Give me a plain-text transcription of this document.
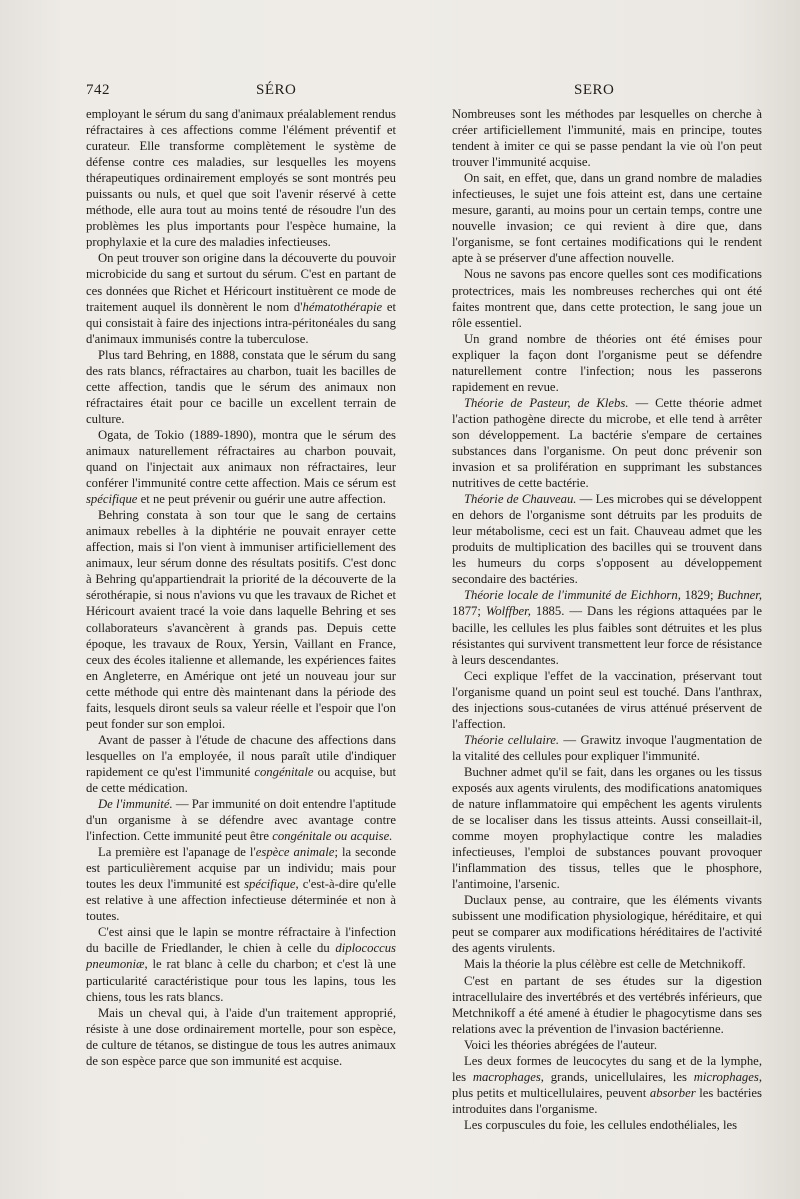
742	SÉRO	SERO

employant le sérum du sang d'animaux préalablement rendus réfractaires à ces affections comme l'élément préventif et curateur. Elle transforme complètement le système de défense contre ces maladies, sur lesquelles les moyens thérapeutiques ordinairement employés se sont montrés peu puissants ou nuls, et quel que soit l'avenir réservé à cette méthode, elle aura tout au moins tenté de résoudre l'un des problèmes les plus importants pour l'espèce humaine, la prophylaxie et la cure des maladies infectieuses.

On peut trouver son origine dans la découverte du pouvoir microbicide du sang et surtout du sérum. C'est en partant de ces données que Richet et Héricourt instituèrent ce mode de traitement auquel ils donnèrent le nom d'hématothérapie et qui consistait à faire des injections intra-péritonéales du sang d'animaux immunisés contre la tuberculose.

Plus tard Behring, en 1888, constata que le sérum du sang des rats blancs, réfractaires au charbon, tuait les bacilles de cette affection, tandis que le sérum des animaux non réfractaires était pour ce bacille un excellent terrain de culture.

Ogata, de Tokio (1889-1890), montra que le sérum des animaux naturellement réfractaires au charbon pouvait, quand on l'injectait aux animaux non réfractaires, leur conférer l'immunité contre cette affection. Mais ce sérum est spécifique et ne peut prévenir ou guérir une autre affection.

Behring constata à son tour que le sang de certains animaux rebelles à la diphtérie ne pouvait enrayer cette affection, mais si l'on vient à immuniser artificiellement des animaux, leur sérum donne des résultats positifs. C'est donc à Behring qu'appartiendrait la priorité de la découverte de la sérothérapie, si nous n'avions vu que les travaux de Richet et Héricourt avaient tracé la voie dans laquelle Behring et ses collaborateurs s'avancèrent à grands pas. Depuis cette époque, les travaux de Roux, Yersin, Vaillant en France, ceux des écoles italienne et allemande, les expériences faites en Angleterre, en Amérique ont jeté un nouveau jour sur cette méthode qui entre dès maintenant dans la période des faits, lesquels diront seuls sa valeur réelle et l'espoir que l'on peut fonder sur son emploi.

Avant de passer à l'étude de chacune des affections dans lesquelles on l'a employée, il nous paraît utile d'indiquer rapidement ce qu'est l'immunité congénitale ou acquise, but de cette médication.

De l'immunité. — Par immunité on doit entendre l'aptitude d'un organisme à se défendre avec avantage contre l'infection. Cette immunité peut être congénitale ou acquise.

La première est l'apanage de l'espèce animale; la seconde est particulièrement acquise par un individu; mais pour toutes les deux l'immunité est spécifique, c'est-à-dire qu'elle est relative à une affection infectieuse déterminée et non à toutes.

C'est ainsi que le lapin se montre réfractaire à l'infection du bacille de Friedlander, le chien à celle du diplococcus pneumoniæ, le rat blanc à celle du charbon; et c'est là une particularité caractéristique pour tous les lapins, tous les chiens, tous les rats blancs.

Mais un cheval qui, à l'aide d'un traitement approprié, résiste à une dose ordinairement mortelle, pour son espèce, de culture de tétanos, se distingue de tous les autres animaux de son espèce parce que son immunité est acquise.

Nombreuses sont les méthodes par lesquelles on cherche à créer artificiellement l'immunité, mais en principe, toutes tendent à imiter ce qui se passe pendant la vie où l'on peut trouver l'immunité acquise.

On sait, en effet, que, dans un grand nombre de maladies infectieuses, le sujet une fois atteint est, dans une certaine mesure, garanti, au moins pour un certain temps, contre une nouvelle invasion; ce qui revient à dire que, dans l'organisme, se font certaines modifications qui le rendent apte à se préserver d'une affection nouvelle.

Nous ne savons pas encore quelles sont ces modifications protectrices, mais les nombreuses recherches qui ont été faites montrent que, dans cette protection, le sang joue un rôle essentiel.

Un grand nombre de théories ont été émises pour expliquer la façon dont l'organisme peut se défendre naturellement contre l'infection; nous les passerons rapidement en revue.

Théorie de Pasteur, de Klebs. — Cette théorie admet l'action pathogène directe du microbe, et elle tend à arrêter son développement. La bactérie s'empare de certaines substances dans l'organisme. On peut donc prévenir son invasion et sa prolifération en supprimant les substances nutritives de cette bactérie.

Théorie de Chauveau. — Les microbes qui se développent en dehors de l'organisme sont détruits par les produits de leur métabolisme, ceci est un fait. Chauveau admet que les produits de multiplication des bacilles qui se trouvent dans les humeurs du corps s'opposent au développement secondaire des bactéries.

Théorie locale de l'immunité de Eichhorn, 1829; Buchner, 1877; Wolffber, 1885. — Dans les régions attaquées par le bacille, les cellules les plus faibles sont détruites et les plus résistantes qui survivent transmettent leur force de résistance à leurs descendantes.

Ceci explique l'effet de la vaccination, préservant tout l'organisme quand un point seul est touché. Dans l'anthrax, des injections sous-cutanées de virus atténué préservent de l'affection.

Théorie cellulaire. — Grawitz invoque l'augmentation de la vitalité des cellules pour expliquer l'immunité.

Buchner admet qu'il se fait, dans les organes ou les tissus exposés aux agents virulents, des modifications anatomiques de nature inflammatoire qui empêchent les agents virulents de se localiser dans les tissus atteints. Aussi conseillait-il, comme moyen prophylactique contre les maladies infectieuses, l'emploi de substances pouvant provoquer l'inflammation des tissus, telles que le phosphore, l'antimoine, l'arsenic.

Duclaux pense, au contraire, que les éléments vivants subissent une modification physiologique, héréditaire, et qui peut se comparer aux modifications héréditaires de l'activité des agents virulents.

Mais la théorie la plus célèbre est celle de Metchnikoff.

C'est en partant de ses études sur la digestion intracellulaire des invertébrés et des vertébrés inférieurs, que Metchnikoff a été amené à étudier le phagocytisme dans ses relations avec la prévention de l'invasion bactérienne.

Voici les théories abrégées de l'auteur.

Les deux formes de leucocytes du sang et de la lymphe, les macrophages, grands, unicellulaires, les microphages, plus petits et multicellulaires, peuvent absorber les bactéries introduites dans l'organisme.

Les corpuscules du foie, les cellules endothéliales, les
